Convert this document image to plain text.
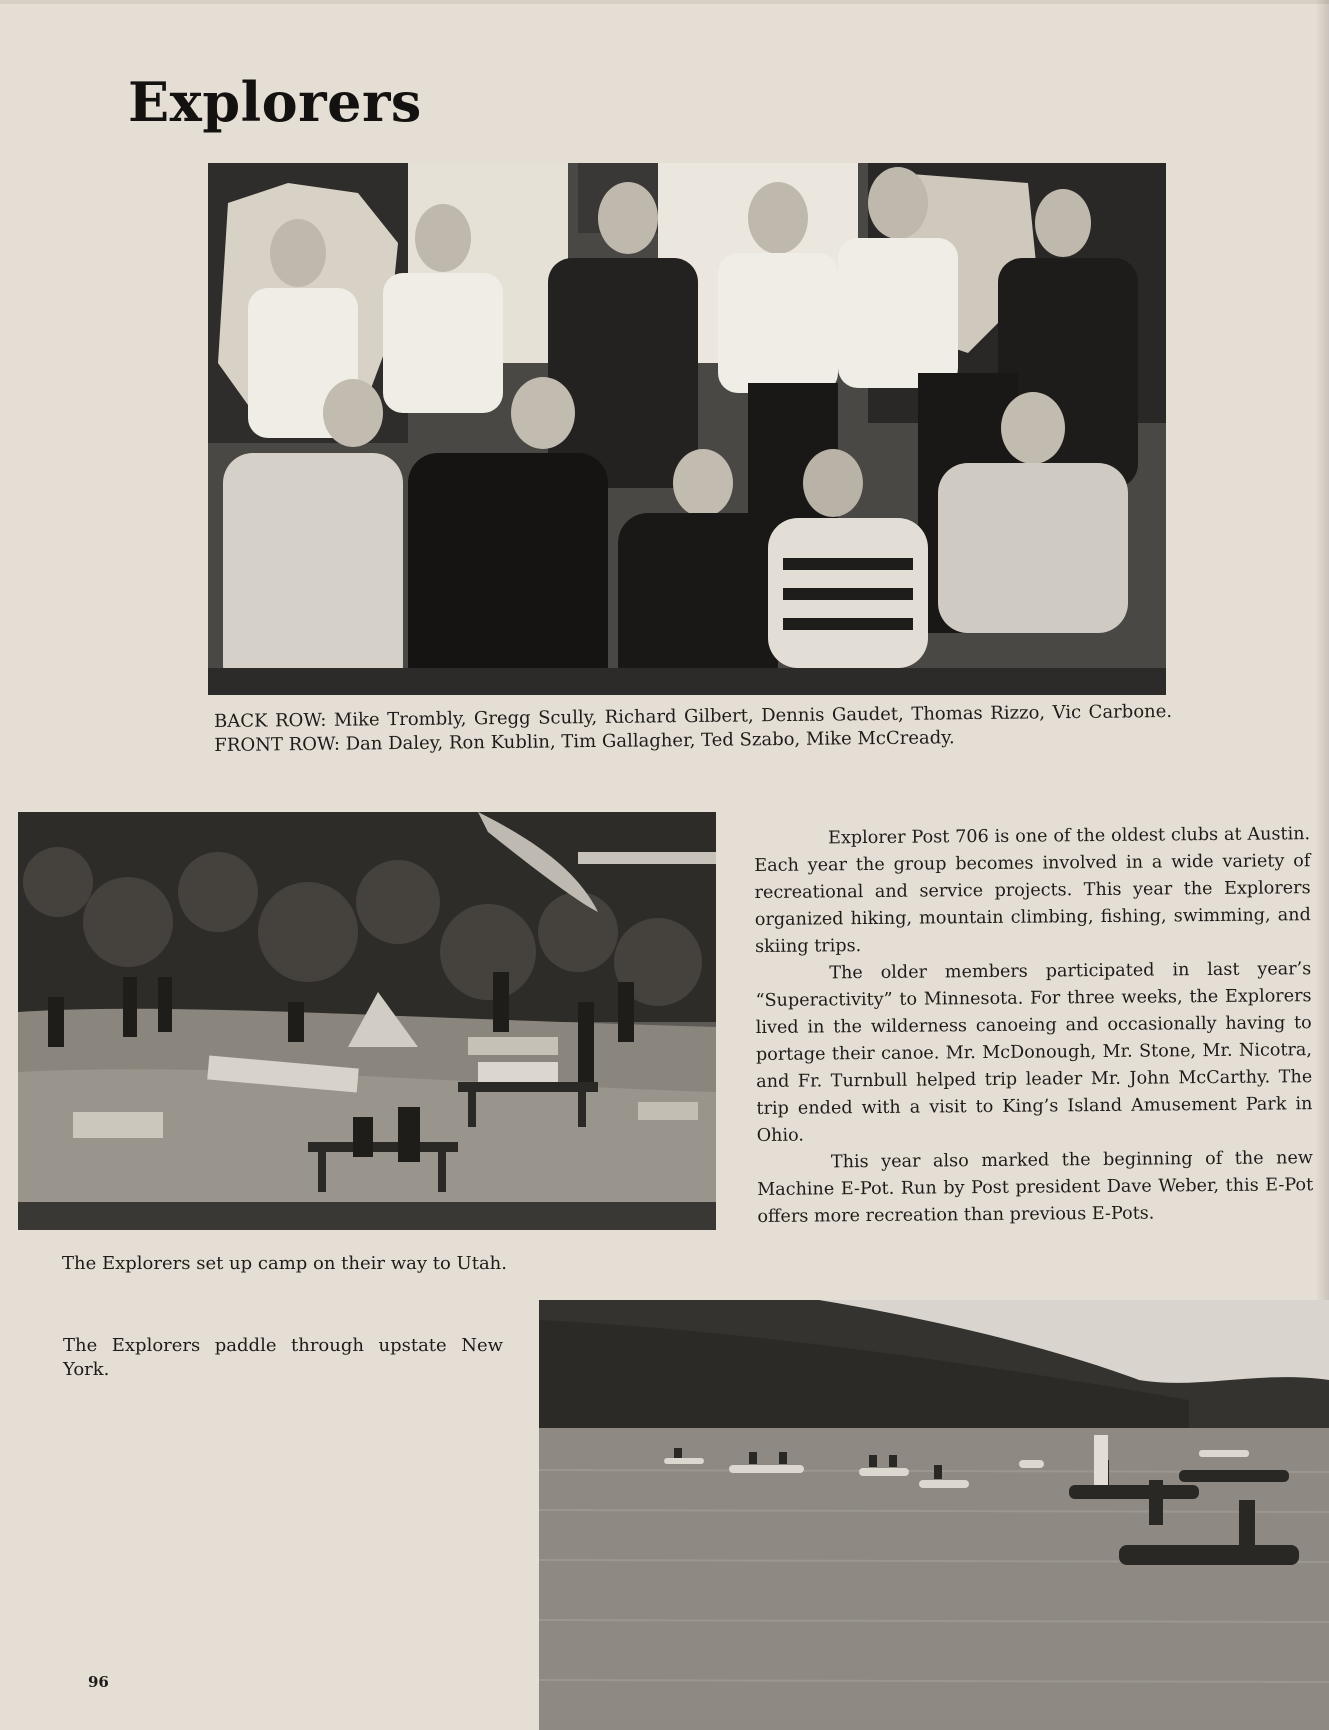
Explorers

BACK ROW: Mike Trombly, Gregg Scully, Richard Gilbert, Dennis Gaudet, Thomas Rizzo, Vic Carbone. FRONT ROW: Dan Daley, Ron Kublin, Tim Gallagher, Ted Szabo, Mike McCready.

The Explorers set up camp on their way to Utah.

Explorer Post 706 is one of the oldest clubs at Austin. Each year the group becomes involved in a wide variety of recreational and service projects. This year the Explorers organized hiking, mountain climbing, fishing, swimming, and skiing trips.

The older members participated in last year’s “Superactivity” to Minnesota. For three weeks, the Explorers lived in the wilderness canoeing and occasionally having to portage their canoe. Mr. McDonough, Mr. Stone, Mr. Nicotra, and Fr. Turnbull helped trip leader Mr. John McCarthy. The trip ended with a visit to King’s Island Amusement Park in Ohio.

This year also marked the beginning of the new Machine E-Pot. Run by Post president Dave Weber, this E-Pot offers more recreation than previous E-Pots.

The Explorers paddle through upstate New York.

96
